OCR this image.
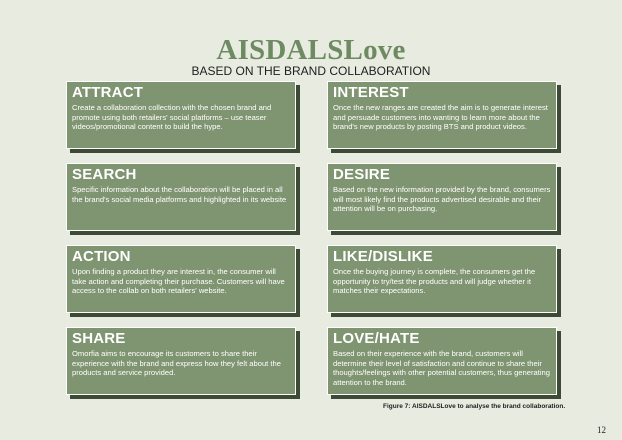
AISDALSLove
BASED ON THE BRAND COLLABORATION
ATTRACT

Create a collaboration collection with the chosen brand and promote using both retailers' social platforms – use teaser videos/promotional content to build the hype.

SEARCH

Specific information about the collaboration will be placed in all the brand's social media platforms and highlighted in its website

ACTION

Upon finding a product they are interest in, the consumer will take action and completing their purchase. Customers will have access to the collab on both retailers' website.

SHARE

Omorfia aims to encourage its customers to share their experience with the brand and express how they felt about the products and service provided.

INTEREST

Once the new ranges are created the aim is to generate interest and persuade customers into wanting to learn more about the brand's new products by posting BTS and product videos.

DESIRE

Based on the new information provided by the brand, consumers will most likely find the products advertised desirable and their attention will be on purchasing.

LIKE/DISLIKE

Once the buying journey is complete, the consumers get the opportunity to try/test the products and will judge whether it matches their expectations.

LOVE/HATE

Based on their experience with the brand, customers will determine their level of satisfaction and continue to share their thoughts/feelings with other potential customers, thus generating attention to the brand.

Figure 7: AISDALSLove to analyse the brand collaboration.
12
